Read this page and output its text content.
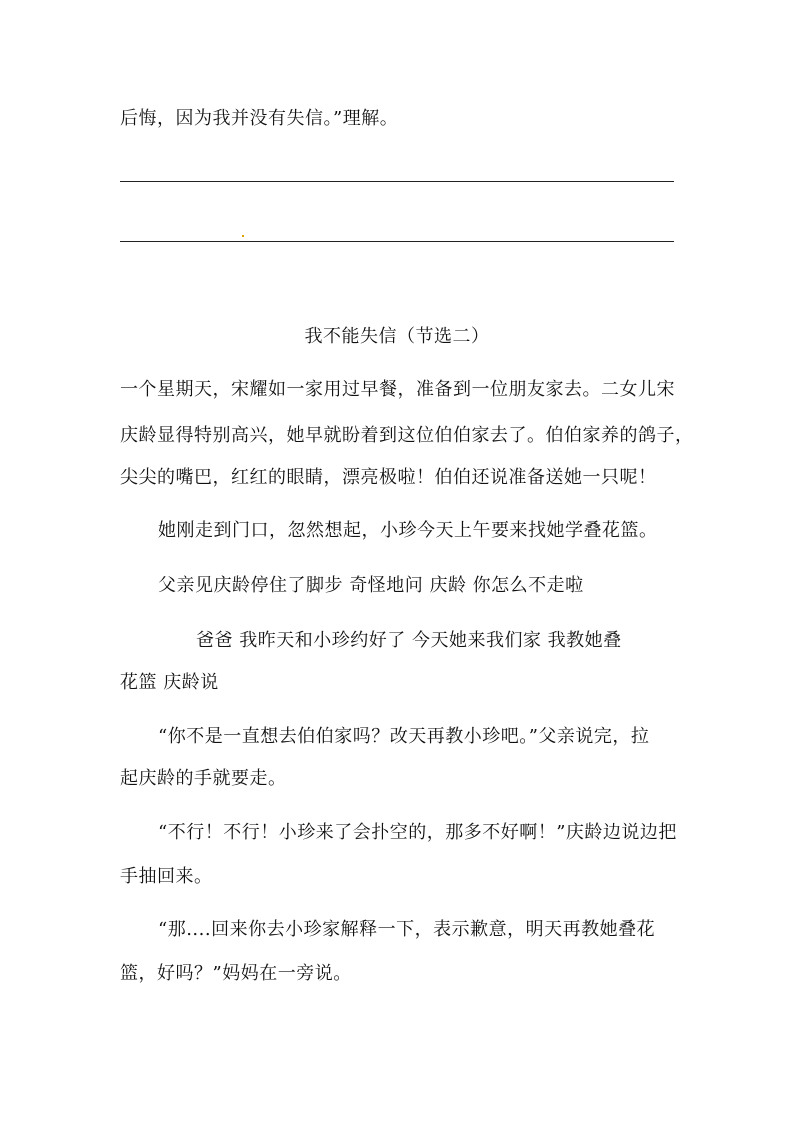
后悔，因为我并没有失信。”理解。
我不能失信（节选二）
一个星期天，宋耀如一家用过早餐，准备到一位朋友家去。二女儿宋
庆龄显得特别高兴，她早就盼着到这位伯伯家去了。伯伯家养的鸽子，
尖尖的嘴巴，红红的眼睛，漂亮极啦！伯伯还说准备送她一只呢！
她刚走到门口，忽然想起，小珍今天上午要来找她学叠花篮。
父亲见庆龄停住了脚步 奇怪地问 庆龄 你怎么不走啦
爸爸 我昨天和小珍约好了 今天她来我们家 我教她叠
花篮 庆龄说
“你不是一直想去伯伯家吗？改天再教小珍吧。”父亲说完，拉
起庆龄的手就要走。
“不行！不行！小珍来了会扑空的，那多不好啊！”庆龄边说边把
手抽回来。
“那....回来你去小珍家解释一下，表示歉意，明天再教她叠花
篮，好吗？”妈妈在一旁说。
